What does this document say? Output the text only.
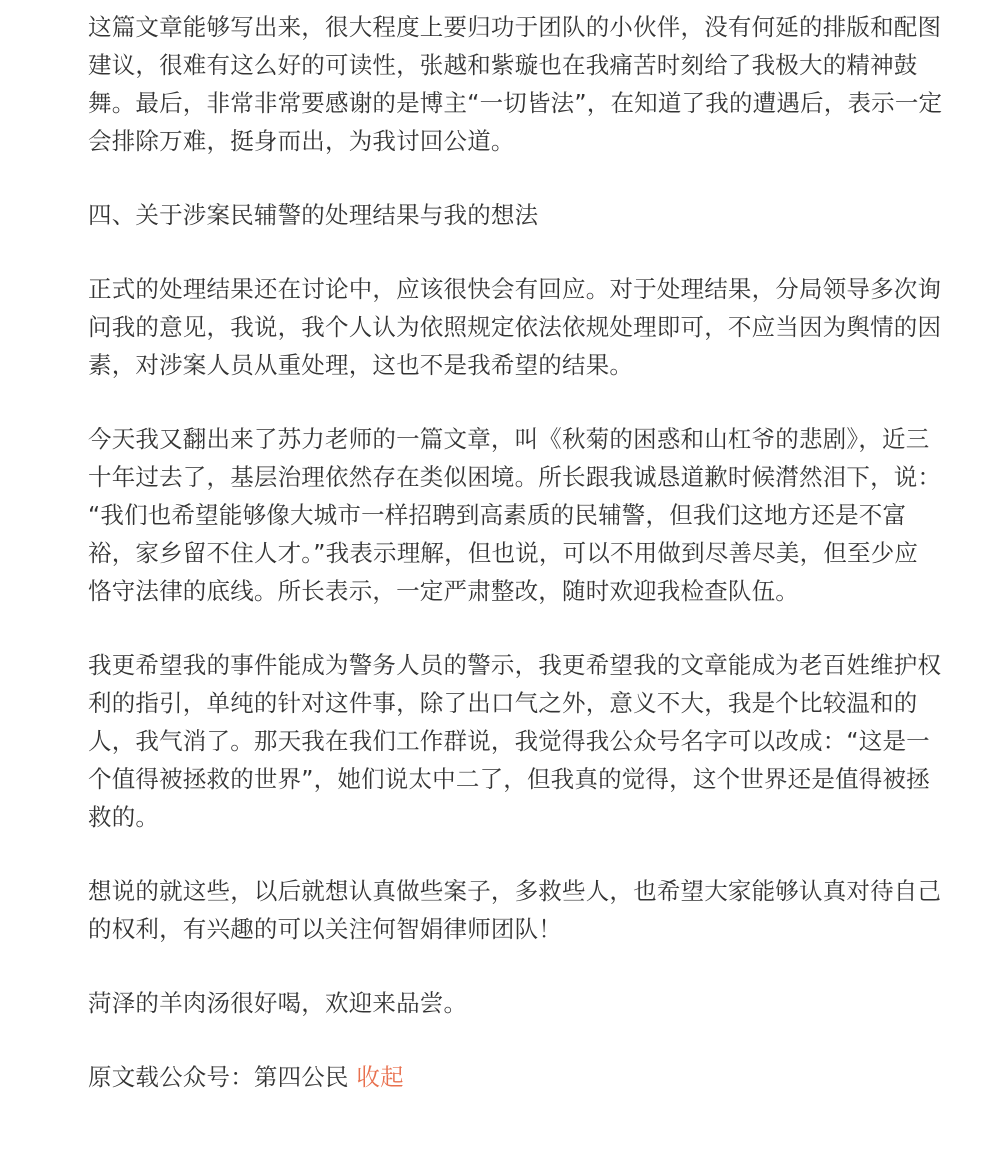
这篇文章能够写出来，很大程度上要归功于团队的小伙伴，没有何延的排版和配图
建议，很难有这么好的可读性，张越和紫璇也在我痛苦时刻给了我极大的精神鼓
舞。最后，非常非常要感谢的是博主“一切皆法”，在知道了我的遭遇后，表示一定
会排除万难，挺身而出，为我讨回公道。

四、关于涉案民辅警的处理结果与我的想法

正式的处理结果还在讨论中，应该很快会有回应。对于处理结果，分局领导多次询
问我的意见，我说，我个人认为依照规定依法依规处理即可，不应当因为舆情的因
素，对涉案人员从重处理，这也不是我希望的结果。

今天我又翻出来了苏力老师的一篇文章，叫《秋菊的困惑和山杠爷的悲剧》，近三
十年过去了，基层治理依然存在类似困境。所长跟我诚恳道歉时候潸然泪下，说：
“我们也希望能够像大城市一样招聘到高素质的民辅警，但我们这地方还是不富
裕，家乡留不住人才。”我表示理解，但也说，可以不用做到尽善尽美，但至少应
恪守法律的底线。所长表示，一定严肃整改，随时欢迎我检查队伍。

我更希望我的事件能成为警务人员的警示，我更希望我的文章能成为老百姓维护权
利的指引，单纯的针对这件事，除了出口气之外，意义不大，我是个比较温和的
人，我气消了。那天我在我们工作群说，我觉得我公众号名字可以改成：“这是一
个值得被拯救的世界”，她们说太中二了，但我真的觉得，这个世界还是值得被拯
救的。

想说的就这些，以后就想认真做些案子，多救些人，也希望大家能够认真对待自己
的权利，有兴趣的可以关注何智娟律师团队！

菏泽的羊肉汤很好喝，欢迎来品尝。

原文载公众号：第四公民 收起
